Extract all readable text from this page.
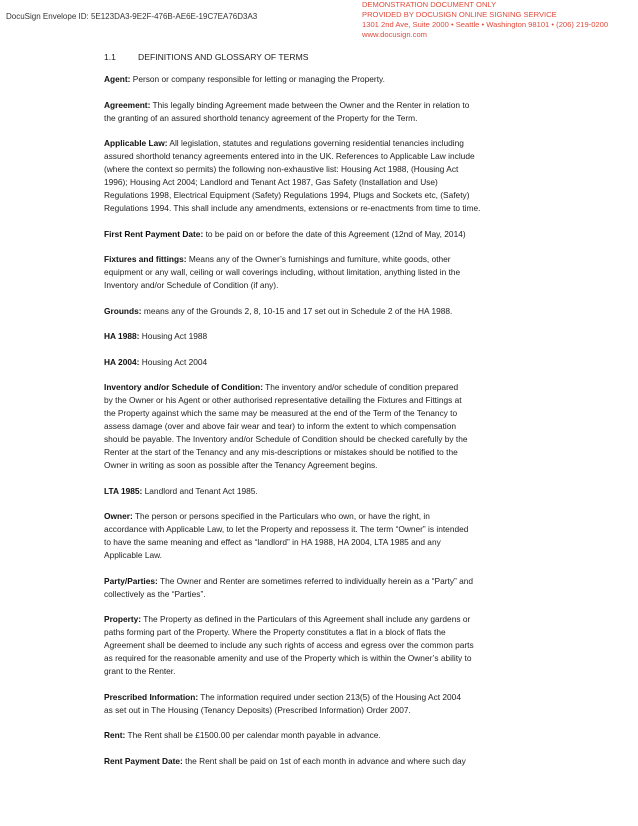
DocuSign Envelope ID: 5E123DA3-9E2F-476B-AE6E-19C7EA76D3A3
DEMONSTRATION DOCUMENT ONLY
PROVIDED BY DOCUSIGN ONLINE SIGNING SERVICE
1301 2nd Ave, Suite 2000 • Seattle • Washington 98101 • (206) 219-0200
www.docusign.com
1.1	DEFINITIONS AND GLOSSARY OF TERMS

Agent: Person or company responsible for letting or managing the Property.

Agreement: This legally binding Agreement made between the Owner and the Renter in relation to
the granting of an assured shorthold tenancy agreement of the Property for the Term.

Applicable Law: All legislation, statutes and regulations governing residential tenancies including
assured shorthold tenancy agreements entered into in the UK. References to Applicable Law include
(where the context so permits) the following non-exhaustive list: Housing Act 1988, (Housing Act
1996); Housing Act 2004; Landlord and Tenant Act 1987, Gas Safety (Installation and Use)
Regulations 1998, Electrical Equipment (Safety) Regulations 1994, Plugs and Sockets etc, (Safety)
Regulations 1994. This shall include any amendments, extensions or re-enactments from time to time.

First Rent Payment Date: to be paid on or before the date of this Agreement (12nd of May, 2014)

Fixtures and fittings: Means any of the Owner’s furnishings and furniture, white goods, other
equipment or any wall, ceiling or wall coverings including, without limitation, anything listed in the
Inventory and/or Schedule of Condition (if any).

Grounds: means any of the Grounds 2, 8, 10-15 and 17 set out in Schedule 2 of the HA 1988.

HA 1988: Housing Act 1988

HA 2004: Housing Act 2004

Inventory and/or Schedule of Condition: The inventory and/or schedule of condition prepared
by the Owner or his Agent or other authorised representative detailing the Fixtures and Fittings at
the Property against which the same may be measured at the end of the Term of the Tenancy to
assess damage (over and above fair wear and tear) to inform the extent to which compensation
should be payable. The Inventory and/or Schedule of Condition should be checked carefully by the
Renter at the start of the Tenancy and any mis-descriptions or mistakes should be notified to the
Owner in writing as soon as possible after the Tenancy Agreement begins.

LTA 1985: Landlord and Tenant Act 1985.

Owner: The person or persons specified in the Particulars who own, or have the right, in
accordance with Applicable Law, to let the Property and repossess it. The term “Owner” is intended
to have the same meaning and effect as “landlord” in HA 1988, HA 2004, LTA 1985 and any
Applicable Law.

Party/Parties: The Owner and Renter are sometimes referred to individually herein as a “Party” and
collectively as the “Parties”.

Property: The Property as defined in the Particulars of this Agreement shall include any gardens or
paths forming part of the Property. Where the Property constitutes a flat in a block of flats the
Agreement shall be deemed to include any such rights of access and egress over the common parts
as required for the reasonable amenity and use of the Property which is within the Owner’s ability to
grant to the Renter.

Prescribed Information: The information required under section 213(5) of the Housing Act 2004
as set out in The Housing (Tenancy Deposits) (Prescribed Information) Order 2007.

Rent: The Rent shall be £1500.00 per calendar month payable in advance.

Rent Payment Date: the Rent shall be paid on 1st of each month in advance and where such day
